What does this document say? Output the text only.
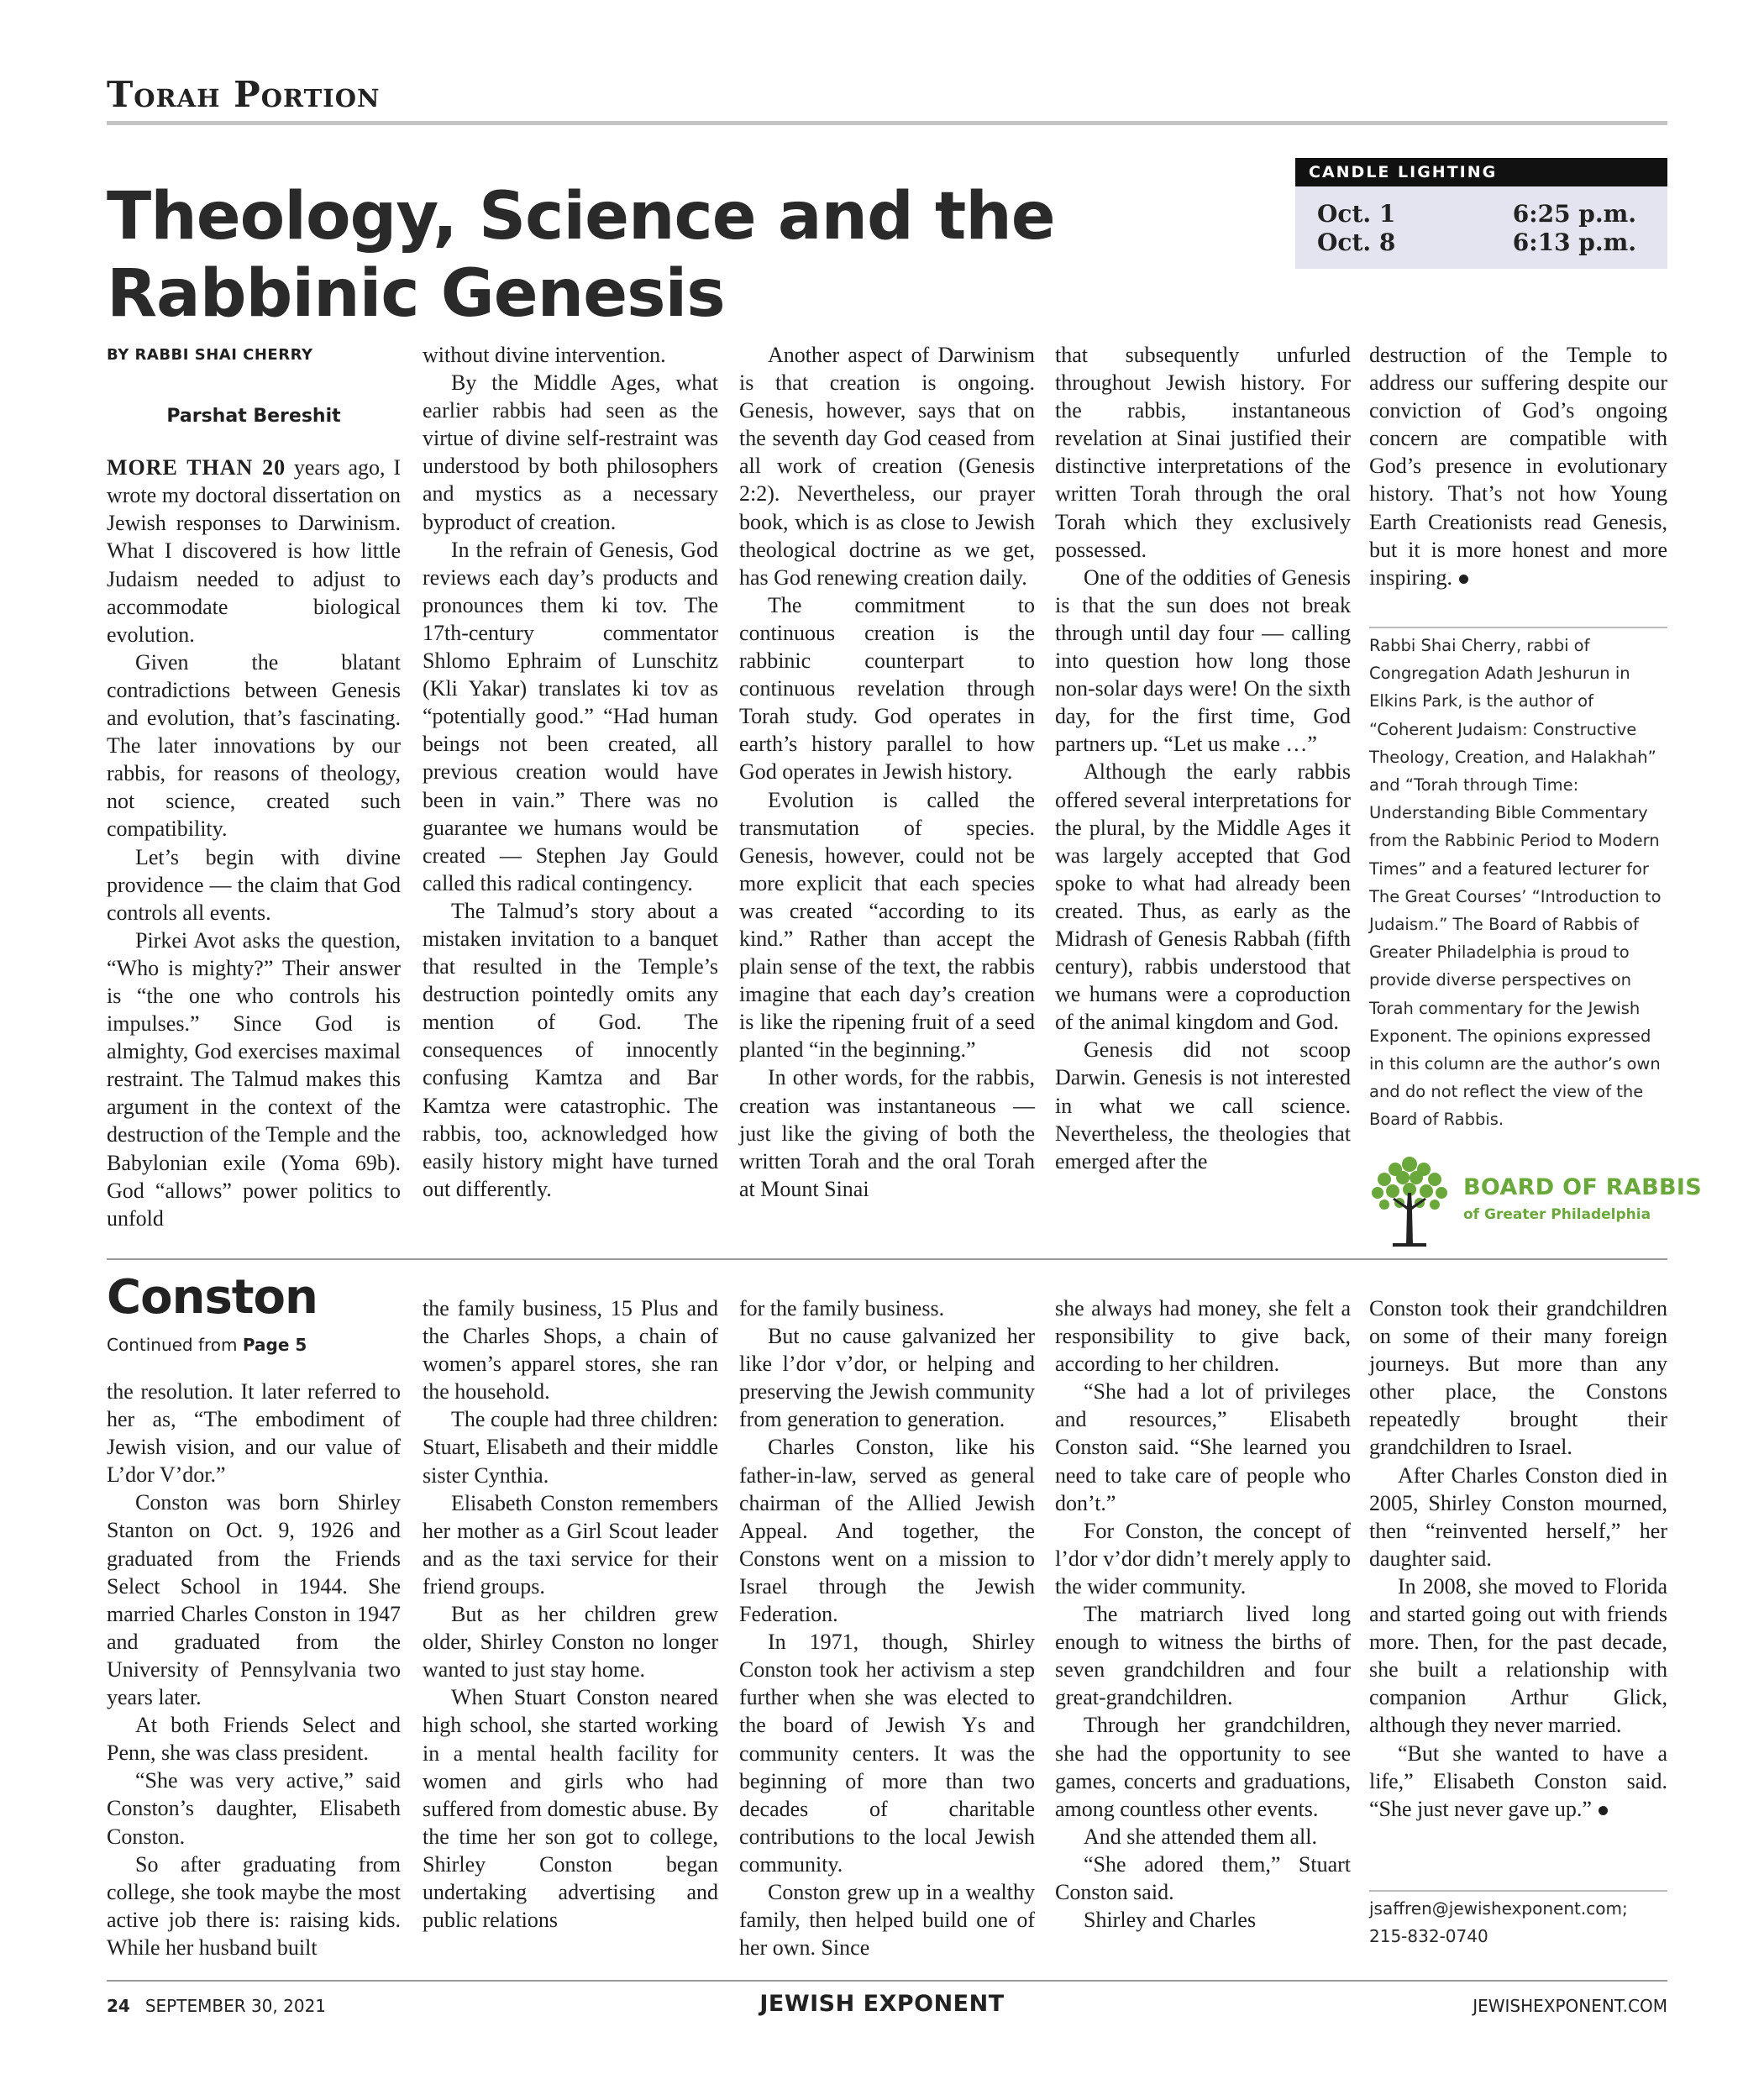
Torah Portion
Theology, Science and the Rabbinic Genesis
CANDLE LIGHTING
Oct. 1	6:25 p.m.
Oct. 8	6:13 p.m.

BY RABBI SHAI CHERRY

Parshat Bereshit

MORE THAN 20 years ago, I wrote my doctoral dissertation on Jewish responses to Darwinism. What I discovered is how little Judaism needed to adjust to accommodate biological evolution.

Given the blatant contradictions between Genesis and evolution, that’s fascinating. The later innovations by our rabbis, for reasons of theology, not science, created such compatibility.

Let’s begin with divine providence — the claim that God controls all events.

Pirkei Avot asks the question, “Who is mighty?” Their answer is “the one who controls his impulses.” Since God is almighty, God exercises maximal restraint. The Talmud makes this argument in the context of the destruction of the Temple and the Babylonian exile (Yoma 69b). God “allows” power politics to unfold

without divine intervention.

By the Middle Ages, what earlier rabbis had seen as the virtue of divine self-restraint was understood by both philosophers and mystics as a necessary byproduct of creation.

In the refrain of Genesis, God reviews each day’s products and pronounces them ki tov. The 17th-century commentator Shlomo Ephraim of Lunschitz (Kli Yakar) translates ki tov as “potentially good.” “Had human beings not been created, all previous creation would have been in vain.” There was no guarantee we humans would be created — Stephen Jay Gould called this radical contingency.

The Talmud’s story about a mistaken invitation to a banquet that resulted in the Temple’s destruction pointedly omits any mention of God. The consequences of innocently confusing Kamtza and Bar Kamtza were catastrophic. The rabbis, too, acknowledged how easily history might have turned out differently.

Another aspect of Darwinism is that creation is ongoing. Genesis, however, says that on the seventh day God ceased from all work of creation (Genesis 2:2). Nevertheless, our prayer book, which is as close to Jewish theological doctrine as we get, has God renewing creation daily.

The commitment to continuous creation is the rabbinic counterpart to continuous revelation through Torah study. God operates in earth’s history parallel to how God operates in Jewish history.

Evolution is called the transmutation of species. Genesis, however, could not be more explicit that each species was created “according to its kind.” Rather than accept the plain sense of the text, the rabbis imagine that each day’s creation is like the ripening fruit of a seed planted “in the beginning.”

In other words, for the rabbis, creation was instantaneous — just like the giving of both the written Torah and the oral Torah at Mount Sinai

that subsequently unfurled throughout Jewish history. For the rabbis, instantaneous revelation at Sinai justified their distinctive interpretations of the written Torah through the oral Torah which they exclusively possessed.

One of the oddities of Genesis is that the sun does not break through until day four — calling into question how long those non-solar days were! On the sixth day, for the first time, God partners up. “Let us make …”

Although the early rabbis offered several interpretations for the plural, by the Middle Ages it was largely accepted that God spoke to what had already been created. Thus, as early as the Midrash of Genesis Rabbah (fifth century), rabbis understood that we humans were a coproduction of the animal kingdom and God.

Genesis did not scoop Darwin. Genesis is not interested in what we call science. Nevertheless, the theologies that emerged after the

destruction of the Temple to address our suffering despite our conviction of God’s ongoing concern are compatible with God’s presence in evolutionary history. That’s not how Young Earth Creationists read Genesis, but it is more honest and more inspiring.

Rabbi Shai Cherry, rabbi of Congregation Adath Jeshurun in Elkins Park, is the author of “Coherent Judaism: Constructive Theology, Creation, and Halakhah” and “Torah through Time: Understanding Bible Commentary from the Rabbinic Period to Modern Times” and a featured lecturer for The Great Courses’ “Introduction to Judaism.” The Board of Rabbis of Greater Philadelphia is proud to provide diverse perspectives on Torah commentary for the Jewish Exponent. The opinions expressed in this column are the author’s own and do not reflect the view of the Board of Rabbis.
BOARD OF RABBIS
of Greater Philadelphia
Conston
Continued from Page 5

the resolution. It later referred to her as, “The embodiment of Jewish vision, and our value of L’dor V’dor.”

Conston was born Shirley Stanton on Oct. 9, 1926 and graduated from the Friends Select School in 1944. She married Charles Conston in 1947 and graduated from the University of Pennsylvania two years later.

At both Friends Select and Penn, she was class president.

“She was very active,” said Conston’s daughter, Elisabeth Conston.

So after graduating from college, she took maybe the most active job there is: raising kids. While her husband built

the family business, 15 Plus and the Charles Shops, a chain of women’s apparel stores, she ran the household.

The couple had three children: Stuart, Elisabeth and their middle sister Cynthia.

Elisabeth Conston remembers her mother as a Girl Scout leader and as the taxi service for their friend groups.

But as her children grew older, Shirley Conston no longer wanted to just stay home.

When Stuart Conston neared high school, she started working in a mental health facility for women and girls who had suffered from domestic abuse. By the time her son got to college, Shirley Conston began undertaking advertising and public relations

for the family business.

But no cause galvanized her like l’dor v’dor, or helping and preserving the Jewish community from generation to generation.

Charles Conston, like his father-in-law, served as general chairman of the Allied Jewish Appeal. And together, the Constons went on a mission to Israel through the Jewish Federation.

In 1971, though, Shirley Conston took her activism a step further when she was elected to the board of Jewish Ys and community centers. It was the beginning of more than two decades of charitable contributions to the local Jewish community.

Conston grew up in a wealthy family, then helped build one of her own. Since

she always had money, she felt a responsibility to give back, according to her children.

“She had a lot of privileges and resources,” Elisabeth Conston said. “She learned you need to take care of people who don’t.”

For Conston, the concept of l’dor v’dor didn’t merely apply to the wider community.

The matriarch lived long enough to witness the births of seven grandchildren and four great-grandchildren.

Through her grandchildren, she had the opportunity to see games, concerts and graduations, among countless other events.

And she attended them all.

“She adored them,” Stuart Conston said.

Shirley and Charles

Conston took their grandchildren on some of their many foreign journeys. But more than any other place, the Constons repeatedly brought their grandchildren to Israel.

After Charles Conston died in 2005, Shirley Conston mourned, then “reinvented herself,” her daughter said.

In 2008, she moved to Florida and started going out with friends more. Then, for the past decade, she built a relationship with companion Arthur Glick, although they never married.

“But she wanted to have a life,” Elisabeth Conston said. “She just never gave up.”

jsaffren@jewishexponent.com;
215-832-0740
24 SEPTEMBER 30, 2021	JEWISH EXPONENT	JEWISHEXPONENT.COM
